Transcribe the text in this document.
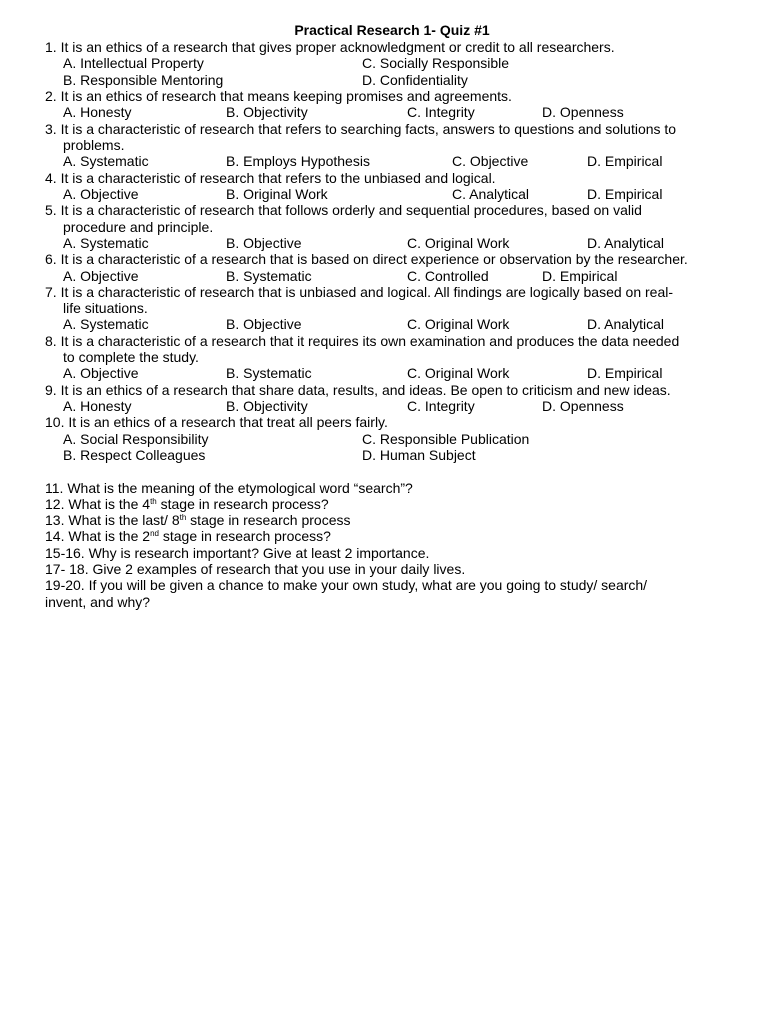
Practical Research 1- Quiz #1
1. It is an ethics of a research that gives proper acknowledgment or credit to all researchers.
A. Intellectual Property	C. Socially Responsible
B. Responsible Mentoring	D. Confidentiality
2. It is an ethics of research that means keeping promises and agreements.
A. Honesty	B. Objectivity	C. Integrity	D. Openness
3. It is a characteristic of research that refers to searching facts, answers to questions and solutions to
problems.
A. Systematic	B. Employs Hypothesis	C. Objective	D. Empirical
4. It is a characteristic of research that refers to the unbiased and logical.
A. Objective	B. Original Work	C. Analytical	D. Empirical
5. It is a characteristic of research that follows orderly and sequential procedures, based on valid
procedure and principle.
A. Systematic	B. Objective	C. Original Work	D. Analytical
6. It is a characteristic of a research that is based on direct experience or observation by the researcher.
A. Objective	B. Systematic	C. Controlled	D. Empirical
7. It is a characteristic of research that is unbiased and logical. All findings are logically based on real-
life situations.
A. Systematic	B. Objective	C. Original Work	D. Analytical
8. It is a characteristic of a research that it requires its own examination and produces the data needed
to complete the study.
A. Objective	B. Systematic	C. Original Work	D. Empirical
9. It is an ethics of a research that share data, results, and ideas. Be open to criticism and new ideas.
A. Honesty	B. Objectivity	C. Integrity	D. Openness
10. It is an ethics of a research that treat all peers fairly.
A. Social Responsibility	C. Responsible Publication
B. Respect Colleagues	D. Human Subject
11. What is the meaning of the etymological word “search”?
12. What is the 4th stage in research process?
13. What is the last/ 8th stage in research process
14. What is the 2nd stage in research process?
15-16. Why is research important? Give at least 2 importance.
17- 18. Give 2 examples of research that you use in your daily lives.
19-20. If you will be given a chance to make your own study, what are you going to study/ search/
invent, and why?
